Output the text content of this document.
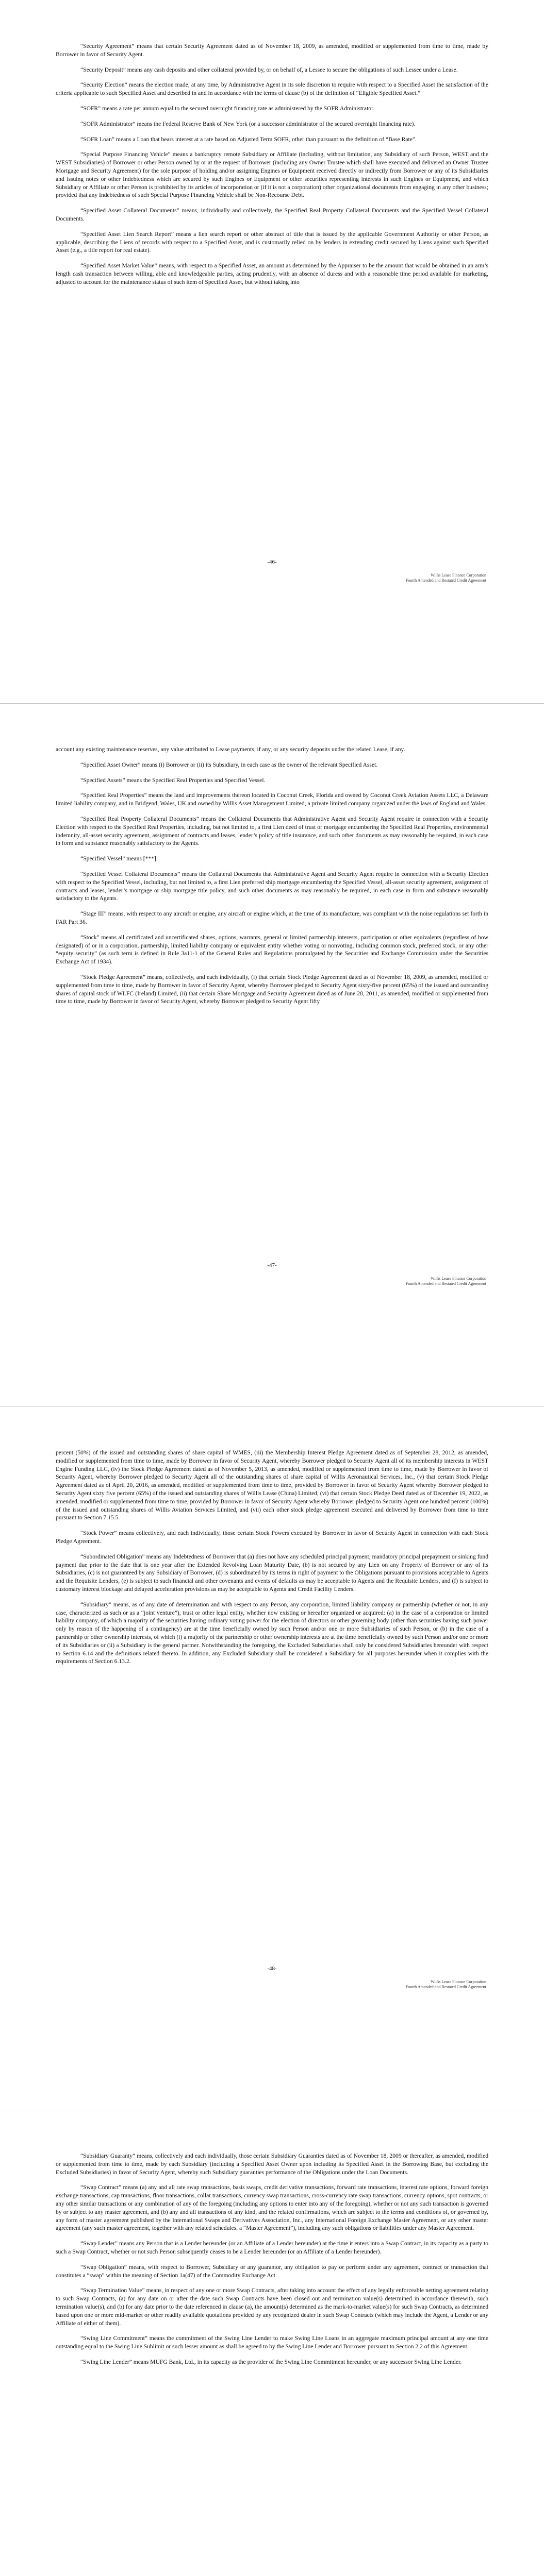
“Security Agreement” means that certain Security Agreement dated as of November 18, 2009, as amended, modified or supplemented from time to time, made by Borrower in favor of Security Agent.

“Security Deposit” means any cash deposits and other collateral provided by, or on behalf of, a Lessee to secure the obligations of such Lessee under a Lease.

“Security Election” means the election made, at any time, by Administrative Agent in its sole discretion to require with respect to a Specified Asset the satisfaction of the criteria applicable to such Specified Asset and described in and in accordance with the terms of clause (b) of the definition of “Eligible Specified Asset.”

“SOFR” means a rate per annum equal to the secured overnight financing rate as administered by the SOFR Administrator.

“SOFR Administrator” means the Federal Reserve Bank of New York (or a successor administrator of the secured overnight financing rate).

“SOFR Loan” means a Loan that bears interest at a rate based on Adjusted Term SOFR, other than pursuant to the definition of “Base Rate”.

“Special Purpose Financing Vehicle” means a bankruptcy remote Subsidiary or Affiliate (including, without limitation, any Subsidiary of such Person, WEST and the WEST Subsidiaries) of Borrower or other Person owned by or at the request of Borrower (including any Owner Trustee which shall have executed and delivered an Owner Trustee Mortgage and Security Agreement) for the sole purpose of holding and/or assigning Engines or Equipment received directly or indirectly from Borrower or any of its Subsidiaries and issuing notes or other Indebtedness which are secured by such Engines or Equipment or other securities representing interests in such Engines or Equipment, and which Subsidiary or Affiliate or other Person is prohibited by its articles of incorporation or (if it is not a corporation) other organizational documents from engaging in any other business; provided that any Indebtedness of such Special Purpose Financing Vehicle shall be Non-Recourse Debt.

“Specified Asset Collateral Documents” means, individually and collectively, the Specified Real Property Collateral Documents and the Specified Vessel Collateral Documents.

“Specified Asset Lien Search Report” means a lien search report or other abstract of title that is issued by the applicable Government Authority or other Person, as applicable, describing the Liens of records with respect to a Specified Asset, and is customarily relied on by lenders in extending credit secured by Liens against such Specified Asset (e.g., a title report for real estate).

“Specified Asset Market Value” means, with respect to a Specified Asset, an amount as determined by the Appraiser to be the amount that would be obtained in an arm’s length cash transaction between willing, able and knowledgeable parties, acting prudently, with an absence of duress and with a reasonable time period available for marketing, adjusted to account for the maintenance status of such item of Specified Asset, but without taking into

-46-
Willis Lease Finance Corporation
Fourth Amended and Restated Credit Agreement

account any existing maintenance reserves, any value attributed to Lease payments, if any, or any security deposits under the related Lease, if any.

“Specified Asset Owner” means (i) Borrower or (ii) its Subsidiary, in each case as the owner of the relevant Specified Asset.

“Specified Assets” means the Specified Real Properties and Specified Vessel.

“Specified Real Properties” means the land and improvements thereon located in Coconut Creek, Florida and owned by Coconut Creek Aviation Assets LLC, a Delaware limited liability company, and in Bridgend, Wales, UK and owned by Willis Asset Management Limited, a private limited company organized under the laws of England and Wales.

“Specified Real Property Collateral Documents” means the Collateral Documents that Administrative Agent and Security Agent require in connection with a Security Election with respect to the Specified Real Properties, including, but not limited to, a first Lien deed of trust or mortgage encumbering the Specified Real Properties, environmental indemnity, all-asset security agreement, assignment of contracts and leases, lender’s policy of title insurance, and such other documents as may reasonably be required, in each case in form and substance reasonably satisfactory to the Agents.

“Specified Vessel” means [***].

“Specified Vessel Collateral Documents” means the Collateral Documents that Administrative Agent and Security Agent require in connection with a Security Election with respect to the Specified Vessel, including, but not limited to, a first Lien preferred ship mortgage encumbering the Specified Vessel, all-asset security agreement, assignment of contracts and leases, lender’s mortgage or ship mortgage title policy, and such other documents as may reasonably be required, in each case in form and substance reasonably satisfactory to the Agents.

“Stage III” means, with respect to any aircraft or engine, any aircraft or engine which, at the time of its manufacture, was compliant with the noise regulations set forth in FAR Part 36.

“Stock” means all certificated and uncertificated shares, options, warrants, general or limited partnership interests, participation or other equivalents (regardless of how designated) of or in a corporation, partnership, limited liability company or equivalent entity whether voting or nonvoting, including common stock, preferred stock, or any other “equity security” (as such term is defined in Rule 3a11-1 of the General Rules and Regulations promulgated by the Securities and Exchange Commission under the Securities Exchange Act of 1934).

“Stock Pledge Agreement” means, collectively, and each individually, (i) that certain Stock Pledge Agreement dated as of November 18, 2009, as amended, modified or supplemented from time to time, made by Borrower in favor of Security Agent, whereby Borrower pledged to Security Agent sixty-five percent (65%) of the issued and outstanding shares of capital stock of WLFC (Ireland) Limited, (ii) that certain Share Mortgage and Security Agreement dated as of June 28, 2011, as amended, modified or supplemented from time to time, made by Borrower in favor of Security Agent, whereby Borrower pledged to Security Agent fifty

-47-
Willis Lease Finance Corporation
Fourth Amended and Restated Credit Agreement

percent (50%) of the issued and outstanding shares of share capital of WMES, (iii) the Membership Interest Pledge Agreement dated as of September 28, 2012, as amended, modified or supplemented from time to time, made by Borrower in favor of Security Agent, whereby Borrower pledged to Security Agent all of its membership interests in WEST Engine Funding LLC, (iv) the Stock Pledge Agreement dated as of November 5, 2013, as amended, modified or supplemented from time to time, made by Borrower in favor of Security Agent, whereby Borrower pledged to Security Agent all of the outstanding shares of share capital of Willis Aeronautical Services, Inc., (v) that certain Stock Pledge Agreement dated as of April 20, 2016, as amended, modified or supplemented from time to time, provided by Borrower in favor of Security Agent whereby Borrower pledged to Security Agent sixty five percent (65%) of the issued and outstanding shares of Willis Lease (China) Limited, (vi) that certain Stock Pledge Deed dated as of December 19, 2022, as amended, modified or supplemented from time to time, provided by Borrower in favor of Security Agent whereby Borrower pledged to Security Agent one hundred percent (100%) of the issued and outstanding shares of Willis Aviation Services Limited, and (vii) each other stock pledge agreement executed and delivered by Borrower from time to time pursuant to Section 7.15.5.

“Stock Power” means collectively, and each individually, those certain Stock Powers executed by Borrower in favor of Security Agent in connection with each Stock Pledge Agreement.

“Subordinated Obligation” means any Indebtedness of Borrower that (a) does not have any scheduled principal payment, mandatory principal prepayment or sinking fund payment due prior to the date that is one year after the Extended Revolving Loan Maturity Date, (b) is not secured by any Lien on any Property of Borrower or any of its Subsidiaries, (c) is not guaranteed by any Subsidiary of Borrower, (d) is subordinated by its terms in right of payment to the Obligations pursuant to provisions acceptable to Agents and the Requisite Lenders, (e) is subject to such financial and other covenants and events of defaults as may be acceptable to Agents and the Requisite Lenders, and (f) is subject to customary interest blockage and delayed acceleration provisions as may be acceptable to Agents and Credit Facility Lenders.

“Subsidiary” means, as of any date of determination and with respect to any Person, any corporation, limited liability company or partnership (whether or not, in any case, characterized as such or as a “joint venture”), trust or other legal entity, whether now existing or hereafter organized or acquired: (a) in the case of a corporation or limited liability company, of which a majority of the securities having ordinary voting power for the election of directors or other governing body (other than securities having such power only by reason of the happening of a contingency) are at the time beneficially owned by such Person and/or one or more Subsidiaries of such Person, or (b) in the case of a partnership or other ownership interests, of which (i) a majority of the partnership or other ownership interests are at the time beneficially owned by such Person and/or one or more of its Subsidiaries or (ii) a Subsidiary is the general partner. Notwithstanding the foregoing, the Excluded Subsidiaries shall only be considered Subsidiaries hereunder with respect to Section 6.14 and the definitions related thereto. In addition, any Excluded Subsidiary shall be considered a Subsidiary for all purposes hereunder when it complies with the requirements of Section 6.13.2.

-48-
Willis Lease Finance Corporation
Fourth Amended and Restated Credit Agreement

“Subsidiary Guaranty” means, collectively and each individually, those certain Subsidiary Guaranties dated as of November 18, 2009 or thereafter, as amended, modified or supplemented from time to time, made by each Subsidiary (including a Specified Asset Owner upon including its Specified Asset in the Borrowing Base, but excluding the Excluded Subsidiaries) in favor of Security Agent, whereby such Subsidiary guaranties performance of the Obligations under the Loan Documents.

“Swap Contract” means (a) any and all rate swap transactions, basis swaps, credit derivative transactions, forward rate transactions, interest rate options, forward foreign exchange transactions, cap transactions, floor transactions, collar transactions, currency swap transactions, cross-currency rate swap transactions, currency options, spot contracts, or any other similar transactions or any combination of any of the foregoing (including any options to enter into any of the foregoing), whether or not any such transaction is governed by or subject to any master agreement, and (b) any and all transactions of any kind, and the related confirmations, which are subject to the terms and conditions of, or governed by, any form of master agreement published by the International Swaps and Derivatives Association, Inc., any International Foreign Exchange Master Agreement, or any other master agreement (any such master agreement, together with any related schedules, a “Master Agreement”), including any such obligations or liabilities under any Master Agreement.

“Swap Lender” means any Person that is a Lender hereunder (or an Affiliate of a Lender hereunder) at the time it enters into a Swap Contract, in its capacity as a party to such a Swap Contract, whether or not such Person subsequently ceases to be a Lender hereunder (or an Affiliate of a Lender hereunder).

“Swap Obligation” means, with respect to Borrower, Subsidiary or any guarantor, any obligation to pay or perform under any agreement, contract or transaction that constitutes a “swap” within the meaning of Section 1a(47) of the Commodity Exchange Act.

“Swap Termination Value” means, in respect of any one or more Swap Contracts, after taking into account the effect of any legally enforceable netting agreement relating to such Swap Contracts, (a) for any date on or after the date such Swap Contracts have been closed out and termination value(s) determined in accordance therewith, such termination value(s), and (b) for any date prior to the date referenced in clause (a), the amount(s) determined as the mark-to-market value(s) for such Swap Contracts, as determined based upon one or more mid-market or other readily available quotations provided by any recognized dealer in such Swap Contracts (which may include the Agent, a Lender or any Affiliate of either of them).

“Swing Line Commitment” means the commitment of the Swing Line Lender to make Swing Line Loans in an aggregate maximum principal amount at any one time outstanding equal to the Swing Line Sublimit or such lesser amount as shall be agreed to by the Swing Line Lender and Borrower pursuant to Section 2.2 of this Agreement.

“Swing Line Lender” means MUFG Bank, Ltd., in its capacity as the provider of the Swing Line Commitment hereunder, or any successor Swing Line Lender.
